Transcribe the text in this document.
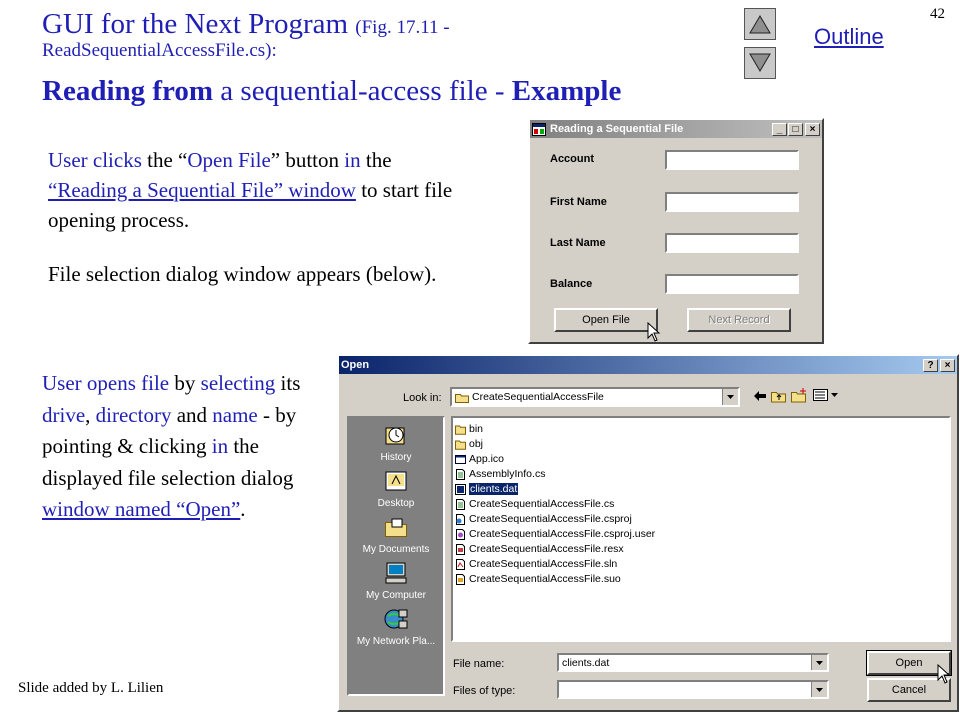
GUI for the Next Program (Fig. 17.11 -
ReadSequentialAccessFile.cs):
Reading from a sequential-access file - Example
42
Outline
User clicks the “Open File” button in the
“Reading a Sequential File” window to start file opening process.
File selection dialog window appears (below).
User opens file by selecting its drive, directory and name - by pointing & clicking in the displayed file selection dialog window named “Open”.
Slide added by L. Lilien
Reading a Sequential File	_	□	×
Account
First Name
Last Name
Balance
Open File	Next Record
Open	?	×
Look in:	CreateSequentialAccessFile
History
Desktop
My Documents
My Computer
My Network Pla...
bin
obj
App.ico
AssemblyInfo.cs
clients.dat
CreateSequentialAccessFile.cs
CreateSequentialAccessFile.csproj
CreateSequentialAccessFile.csproj.user
CreateSequentialAccessFile.resx
CreateSequentialAccessFile.sln
CreateSequentialAccessFile.suo
File name:	clients.dat
Files of type:
Open
Cancel
